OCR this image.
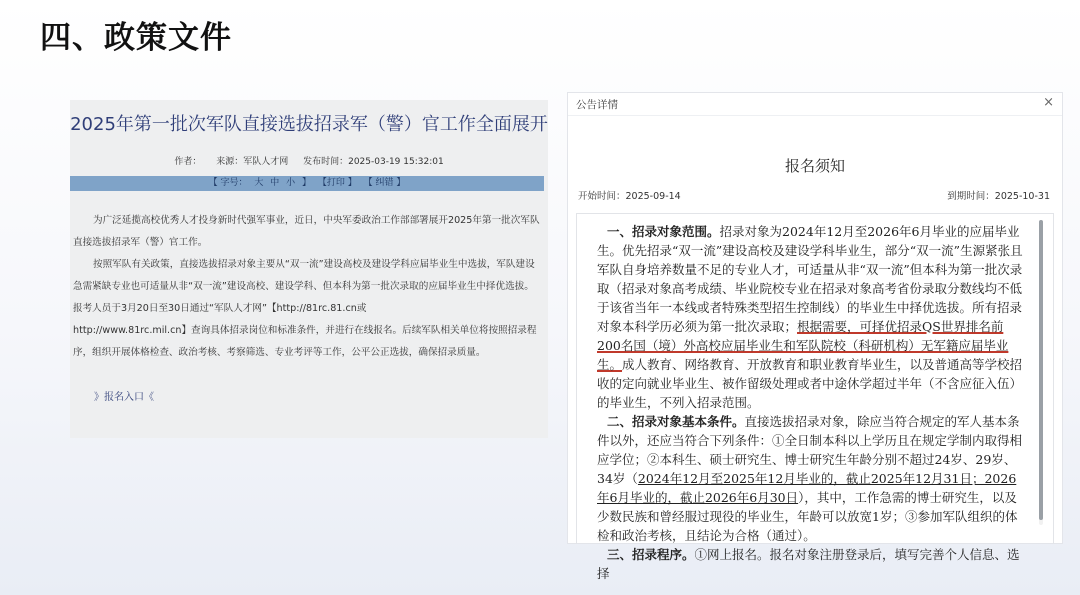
四、政策文件
2025年第一批次军队直接选拔招录军（警）官工作全面展开
作者： 来源：军队人才网 发布时间：2025-03-19 15:32:01
【 字号： 大 中 小 】 【打印 】 【 纠错 】

为广泛延揽高校优秀人才投身新时代强军事业，近日，中央军委政治工作部部署展开2025年第一批次军队直接选拔招录军（警）官工作。

按照军队有关政策，直接选拔招录对象主要从“双一流”建设高校及建设学科应届毕业生中选拔，军队建设急需紧缺专业也可适量从非“双一流”建设高校、建设学科、但本科为第一批次录取的应届毕业生中择优选拔。报考人员于3月20日至30日通过“军队人才网”【http://81rc.81.cn或

http://www.81rc.mil.cn】查询具体招录岗位和标准条件，并进行在线报名。后续军队相关单位将按照招录程序，组织开展体格检查、政治考核、考察筛选、专业考评等工作，公平公正选拔，确保招录质量。

》报名入口《
公告详情	×
报名须知
开始时间：2025-09-14	到期时间：2025-10-31

一、招录对象范围。招录对象为2024年12月至2026年6月毕业的应届毕业生。优先招录“双一流”建设高校及建设学科毕业生，部分“双一流”生源紧张且军队自身培养数量不足的专业人才，可适量从非“双一流”但本科为第一批次录取（招录对象高考成绩、毕业院校专业在招录对象高考省份录取分数线均不低于该省当年一本线或者特殊类型招生控制线）的毕业生中择优选拔。所有招录对象本科学历必须为第一批次录取；根据需要，可择优招录QS世界排名前200名国（境）外高校应届毕业生和军队院校（科研机构）无军籍应届毕业生。成人教育、网络教育、开放教育和职业教育毕业生，以及普通高等学校招收的定向就业毕业生、被作留级处理或者中途休学超过半年（不含应征入伍）的毕业生，不列入招录范围。

二、招录对象基本条件。直接选拔招录对象，除应当符合规定的军人基本条件以外，还应当符合下列条件：①全日制本科以上学历且在规定学制内取得相应学位；②本科生、硕士研究生、博士研究生年龄分别不超过24岁、29岁、34岁（2024年12月至2025年12月毕业的，截止2025年12月31日；2026年6月毕业的，截止2026年6月30日），其中，工作急需的博士研究生，以及少数民族和曾经服过现役的毕业生，年龄可以放宽1岁；③参加军队组织的体检和政治考核，且结论为合格（通过）。

三、招录程序。①网上报名。报名对象注册登录后，填写完善个人信息、选择
